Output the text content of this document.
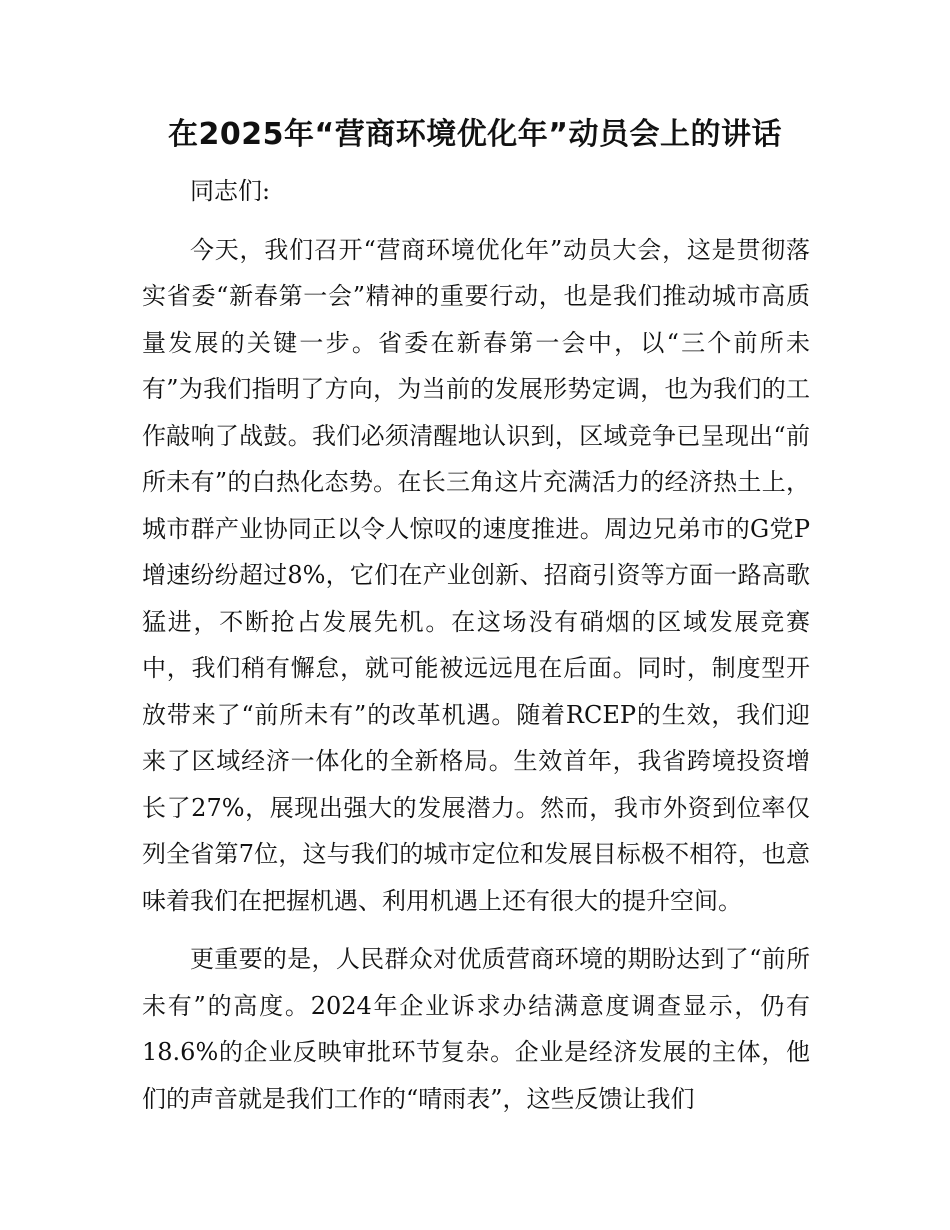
在2025年“营商环境优化年”动员会上的讲话

同志们:

今天，我们召开“营商环境优化年”动员大会，这是贯彻落实省委“新春第一会”精神的重要行动，也是我们推动城市高质量发展的关键一步。省委在新春第一会中，以“三个前所未有”为我们指明了方向，为当前的发展形势定调，也为我们的工作敲响了战鼓。我们必须清醒地认识到，区域竞争已呈现出“前所未有”的白热化态势。在长三角这片充满活力的经济热土上，城市群产业协同正以令人惊叹的速度推进。周边兄弟市的G党P增速纷纷超过8%，它们在产业创新、招商引资等方面一路高歌猛进，不断抢占发展先机。在这场没有硝烟的区域发展竞赛中，我们稍有懈怠，就可能被远远甩在后面。同时，制度型开放带来了“前所未有”的改革机遇。随着RCEP的生效，我们迎来了区域经济一体化的全新格局。生效首年，我省跨境投资增长了27%，展现出强大的发展潜力。然而，我市外资到位率仅列全省第7位，这与我们的城市定位和发展目标极不相符，也意味着我们在把握机遇、利用机遇上还有很大的提升空间。

更重要的是，人民群众对优质营商环境的期盼达到了“前所未有”的高度。2024年企业诉求办结满意度调查显示，仍有18.6%的企业反映审批环节复杂。企业是经济发展的主体，他们的声音就是我们工作的“晴雨表”，这些反馈让我们
